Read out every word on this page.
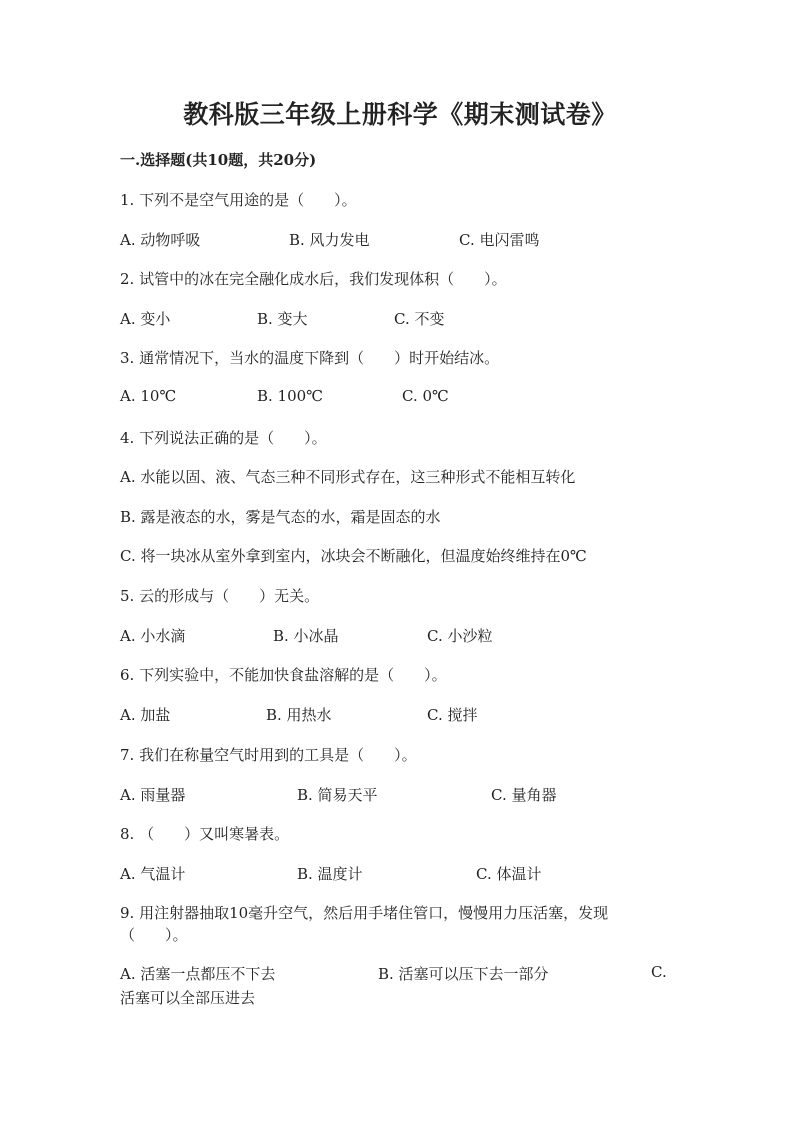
教科版三年级上册科学《期末测试卷》
一.选择题(共10题，共20分)
1. 下列不是空气用途的是（　　）。
A. 动物呼吸	B. 风力发电	C. 电闪雷鸣
2. 试管中的冰在完全融化成水后，我们发现体积（　　）。
A. 变小	B. 变大	C. 不变
3. 通常情况下，当水的温度下降到（　　）时开始结冰。
A. 10℃	B. 100℃	C. 0℃
4. 下列说法正确的是（　　）。
A. 水能以固、液、气态三种不同形式存在，这三种形式不能相互转化
B. 露是液态的水，雾是气态的水，霜是固态的水
C. 将一块冰从室外拿到室内，冰块会不断融化，但温度始终维持在0℃
5. 云的形成与（　　）无关。
A. 小水滴	B. 小冰晶	C. 小沙粒
6. 下列实验中，不能加快食盐溶解的是（　　）。
A. 加盐	B. 用热水	C. 搅拌
7. 我们在称量空气时用到的工具是（　　）。
A. 雨量器	B. 简易天平	C. 量角器
8. （　　）又叫寒暑表。
A. 气温计	B. 温度计	C. 体温计
9. 用注射器抽取10毫升空气，然后用手堵住管口，慢慢用力压活塞，发现
（　　）。
A. 活塞一点都压不下去	B. 活塞可以压下去一部分	C.
活塞可以全部压进去
